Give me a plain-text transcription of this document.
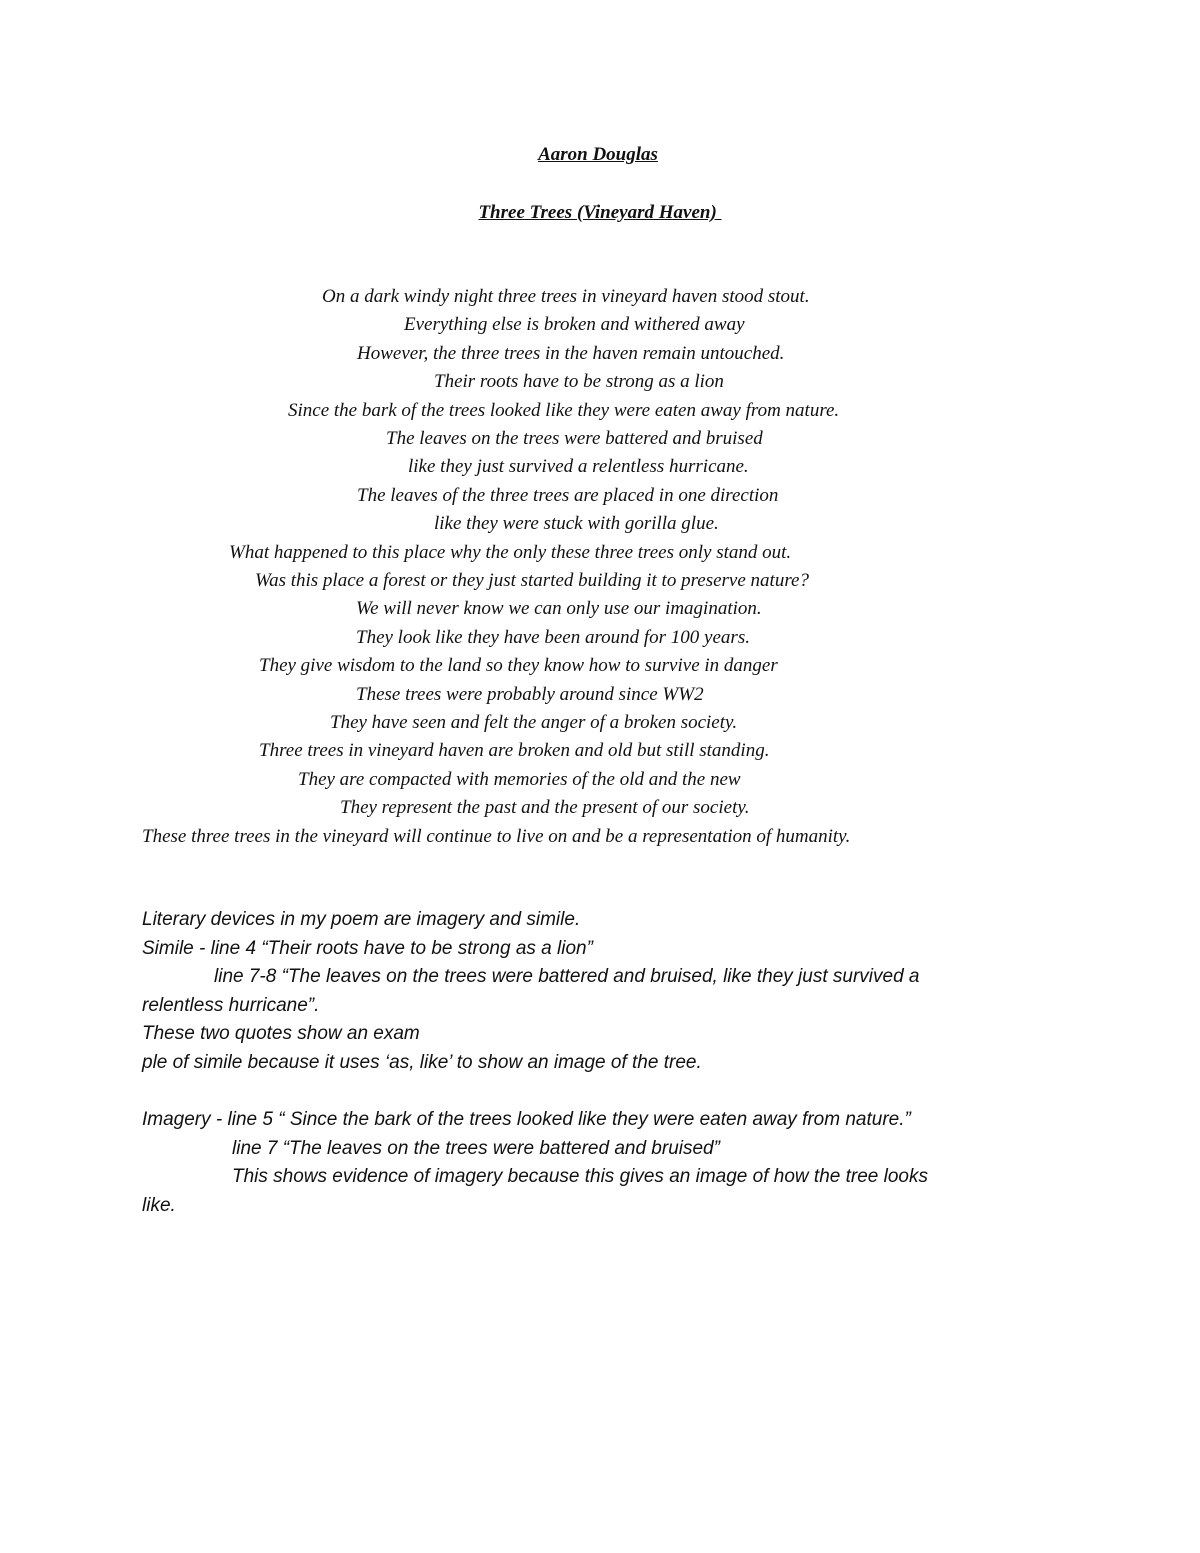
Aaron Douglas
Three Trees (Vineyard Haven)
On a dark windy night three trees in vineyard haven stood stout.
Everything else is broken and withered away
However, the three trees in the haven remain untouched.
Their roots have to be strong as a lion
Since the bark of the trees looked like they were eaten away from nature.
The leaves on the trees were battered and bruised
like they just survived a relentless hurricane.
The leaves of the three trees are placed in one direction
like they were stuck with gorilla glue.
What happened to this place why the only these three trees only stand out.
Was this place a forest or they just started building it to preserve nature?
We will never know we can only use our imagination.
They look like they have been around for 100 years.
They give wisdom to the land so they know how to survive in danger
These trees were probably around since WW2
They have seen and felt the anger of a broken society.
Three trees in vineyard haven are broken and old but still standing.
They are compacted with memories of the old and the new
They represent the past and the present of our society.
These three trees in the vineyard will continue to live on and be a representation of humanity.
Literary devices in my poem are imagery and simile.
Simile - line 4 “Their roots have to be strong as a lion”
line 7-8 “The leaves on the trees were battered and bruised, like they just survived a
relentless hurricane”.
These two quotes show an exam
ple of simile because it uses ‘as, like’ to show an image of the tree.
Imagery - line 5 “ Since the bark of the trees looked like they were eaten away from nature.”
line 7 “The leaves on the trees were battered and bruised”
This shows evidence of imagery because this gives an image of how the tree looks
like.
